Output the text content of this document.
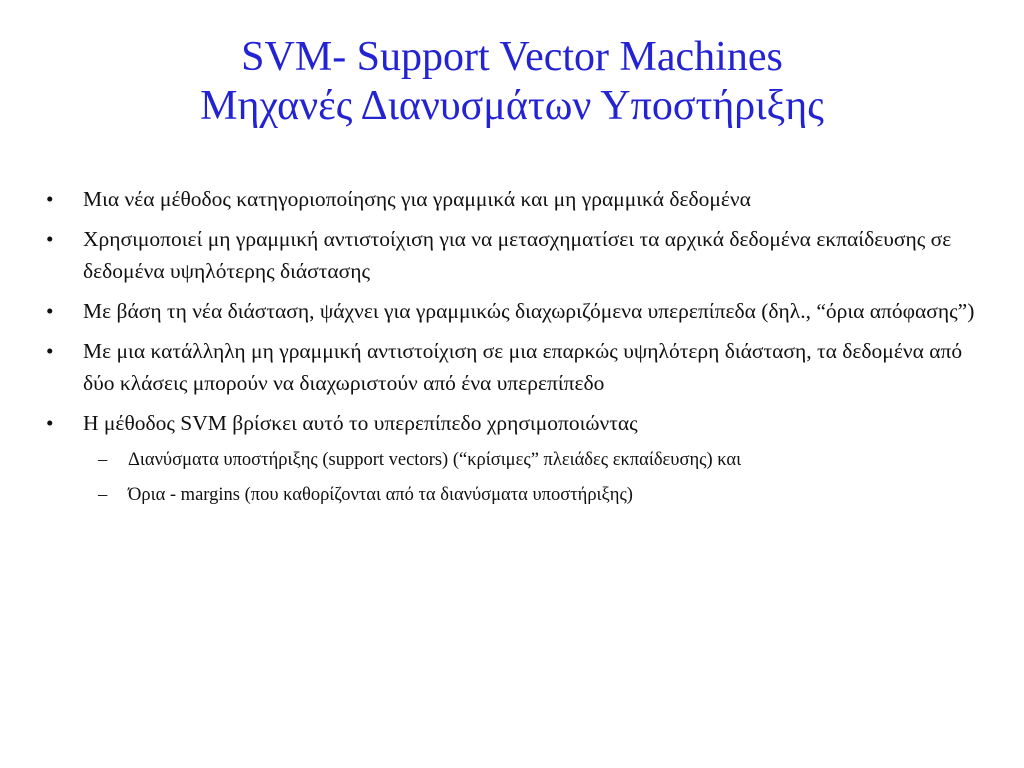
SVM- Support Vector Machines
Μηχανές Διανυσμάτων Υποστήριξης
• Μια νέα μέθοδος κατηγοριοποίησης για γραμμικά και μη γραμμικά δεδομένα
• Χρησιμοποιεί μη γραμμική αντιστοίχιση για να μετασχηματίσει τα αρχικά δεδομένα εκπαίδευσης σε δεδομένα υψηλότερης διάστασης
• Με βάση τη νέα διάσταση, ψάχνει για γραμμικώς διαχωριζόμενα υπερεπίπεδα (δηλ., “όρια απόφασης”)
• Με μια κατάλληλη μη γραμμική αντιστοίχιση σε μια επαρκώς υψηλότερη διάσταση, τα δεδομένα από δύο κλάσεις μπορούν να διαχωριστούν από ένα υπερεπίπεδο
• Η μέθοδος SVM βρίσκει αυτό το υπερεπίπεδο χρησιμοποιώντας
– Διανύσματα υποστήριξης (support vectors) (“κρίσιμες” πλειάδες εκπαίδευσης) και
– Όρια - margins (που καθορίζονται από τα διανύσματα υποστήριξης)
